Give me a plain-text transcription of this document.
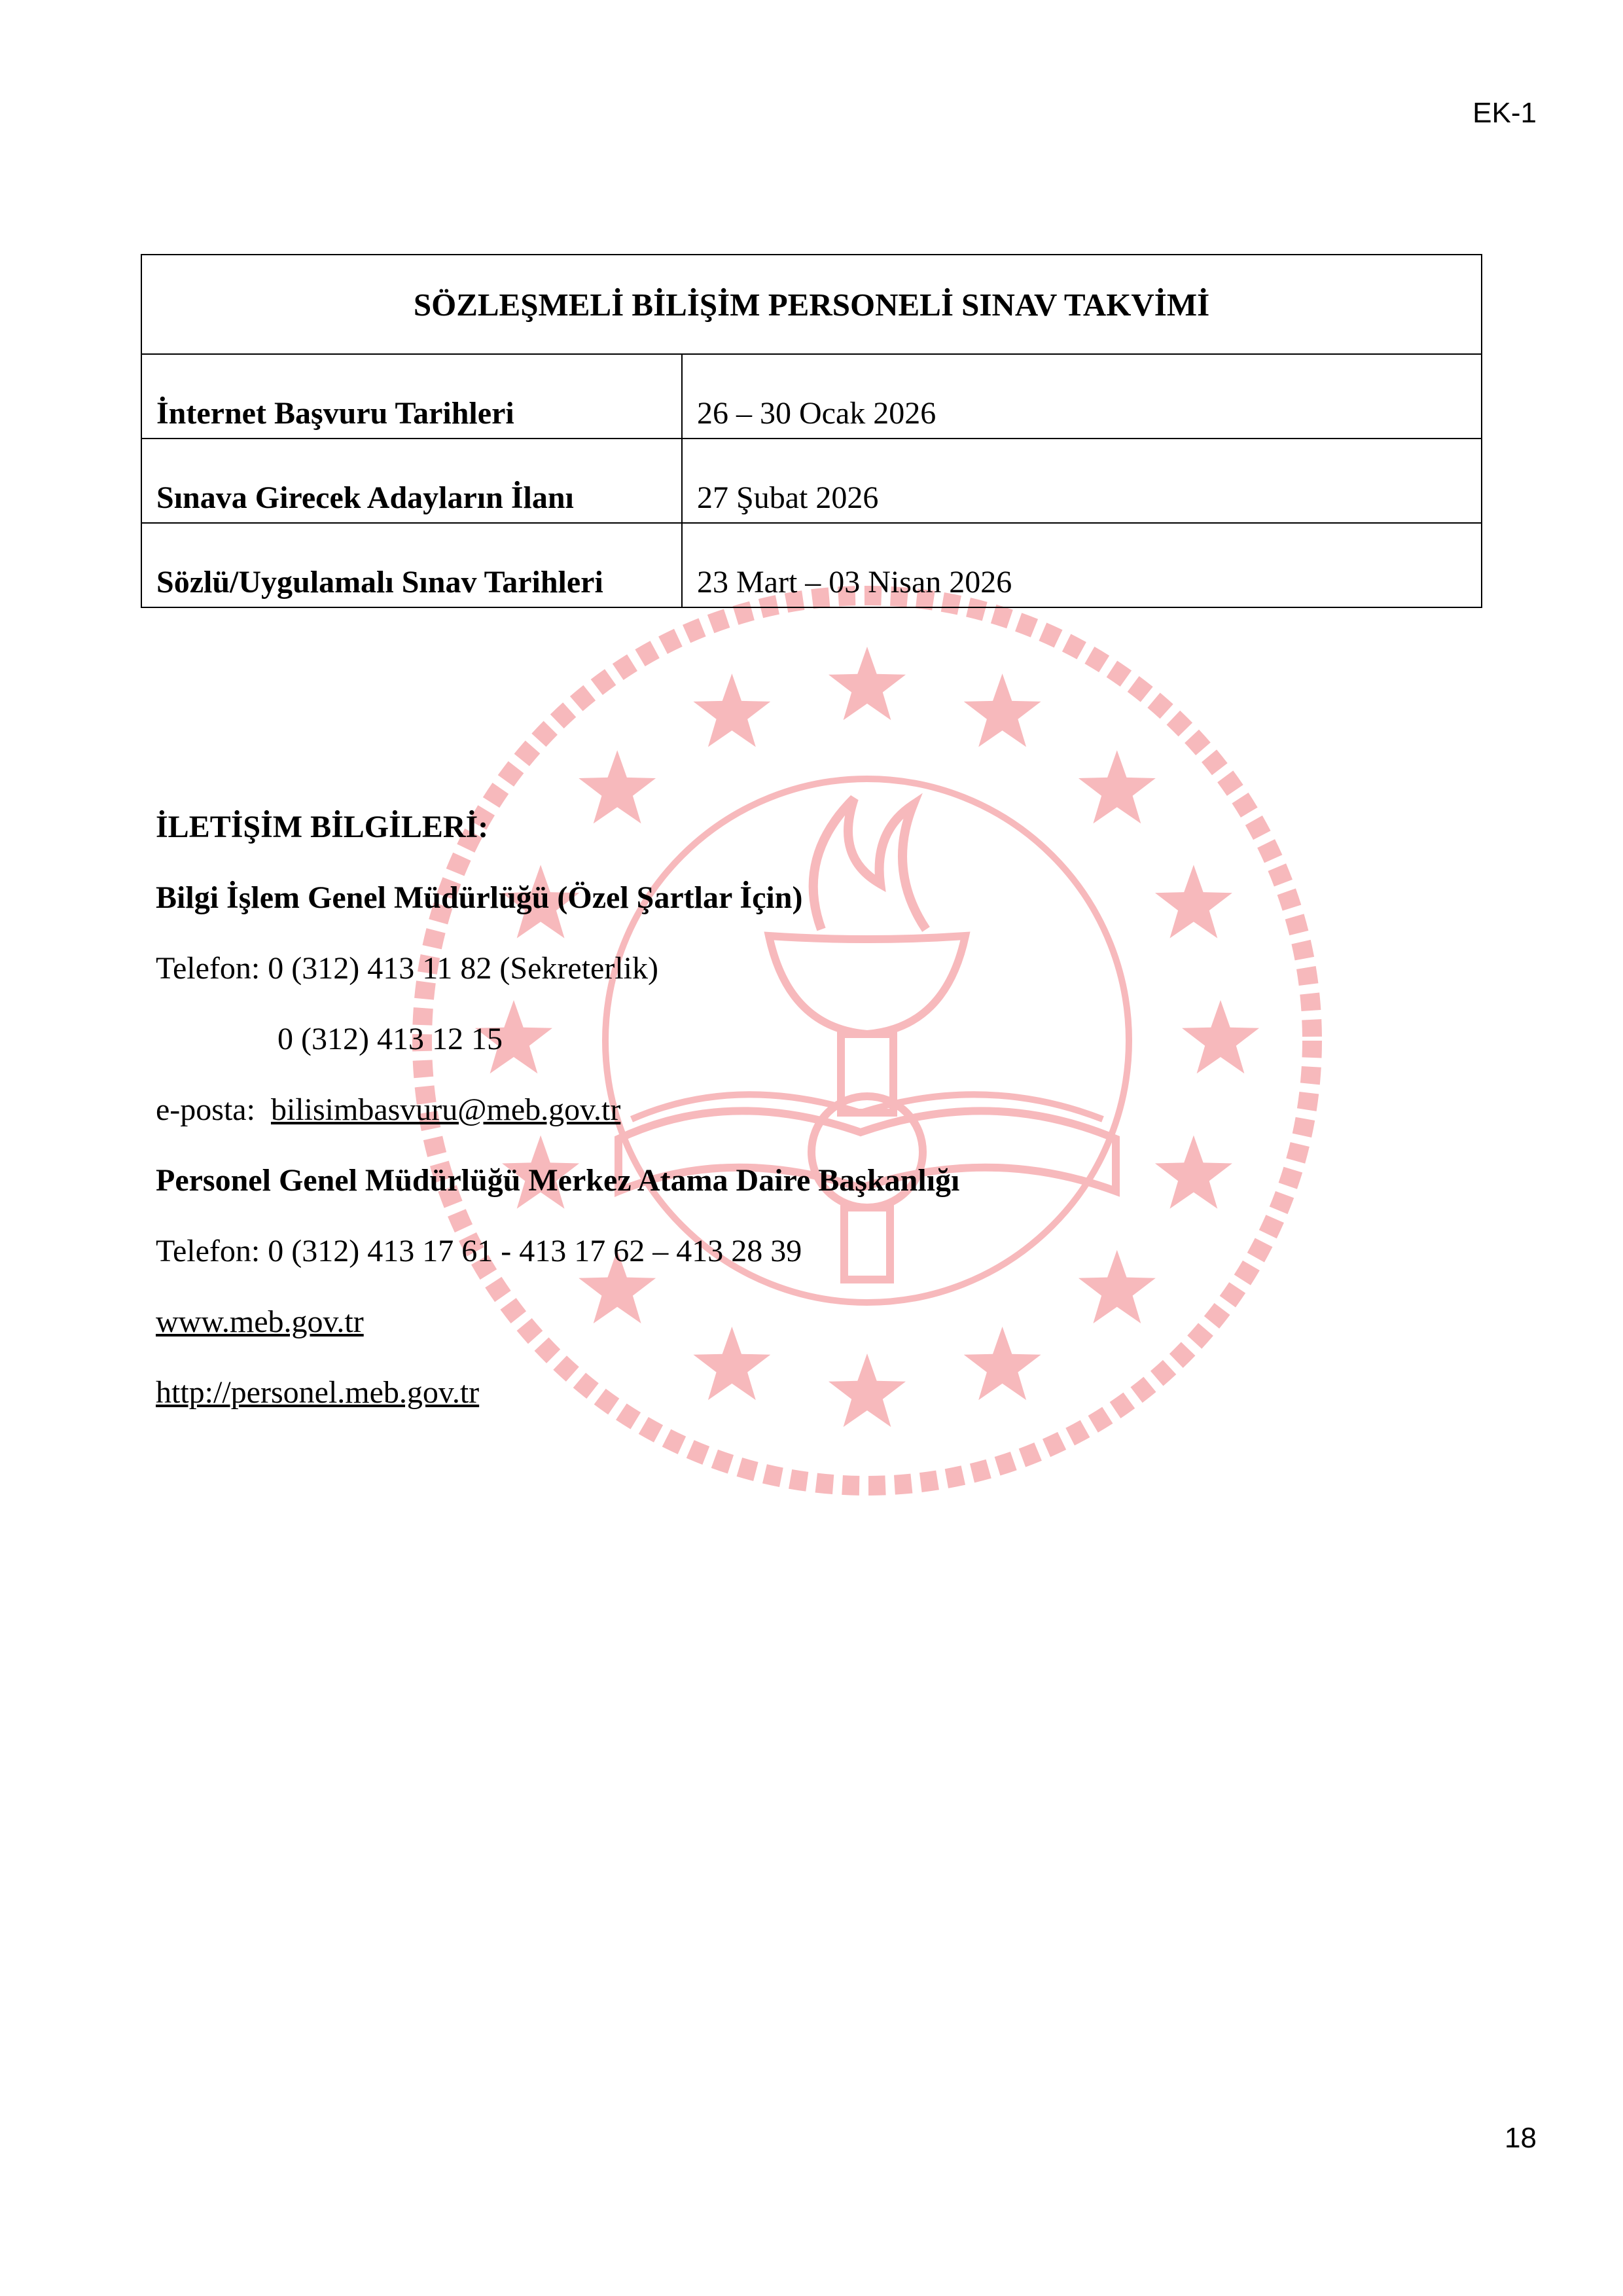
EK-1
SÖZLEŞMELİ BİLİŞİM PERSONELİ SINAV TAKVİMİ	
İnternet Başvuru Tarihleri	26 – 30 Ocak 2026
Sınava Girecek Adayların İlanı	27 Şubat 2026
Sözlü/Uygulamalı Sınav Tarihleri	23 Mart – 03 Nisan 2026
İLETİŞİM BİLGİLERİ:
Bilgi İşlem Genel Müdürlüğü (Özel Şartlar İçin)
Telefon: 0 (312) 413 11 82 (Sekreterlik)
0 (312) 413 12 15
e-posta: bilisimbasvuru@meb.gov.tr
Personel Genel Müdürlüğü Merkez Atama Daire Başkanlığı
Telefon: 0 (312) 413 17 61 - 413 17 62 – 413 28 39
www.meb.gov.tr
http://personel.meb.gov.tr
18
